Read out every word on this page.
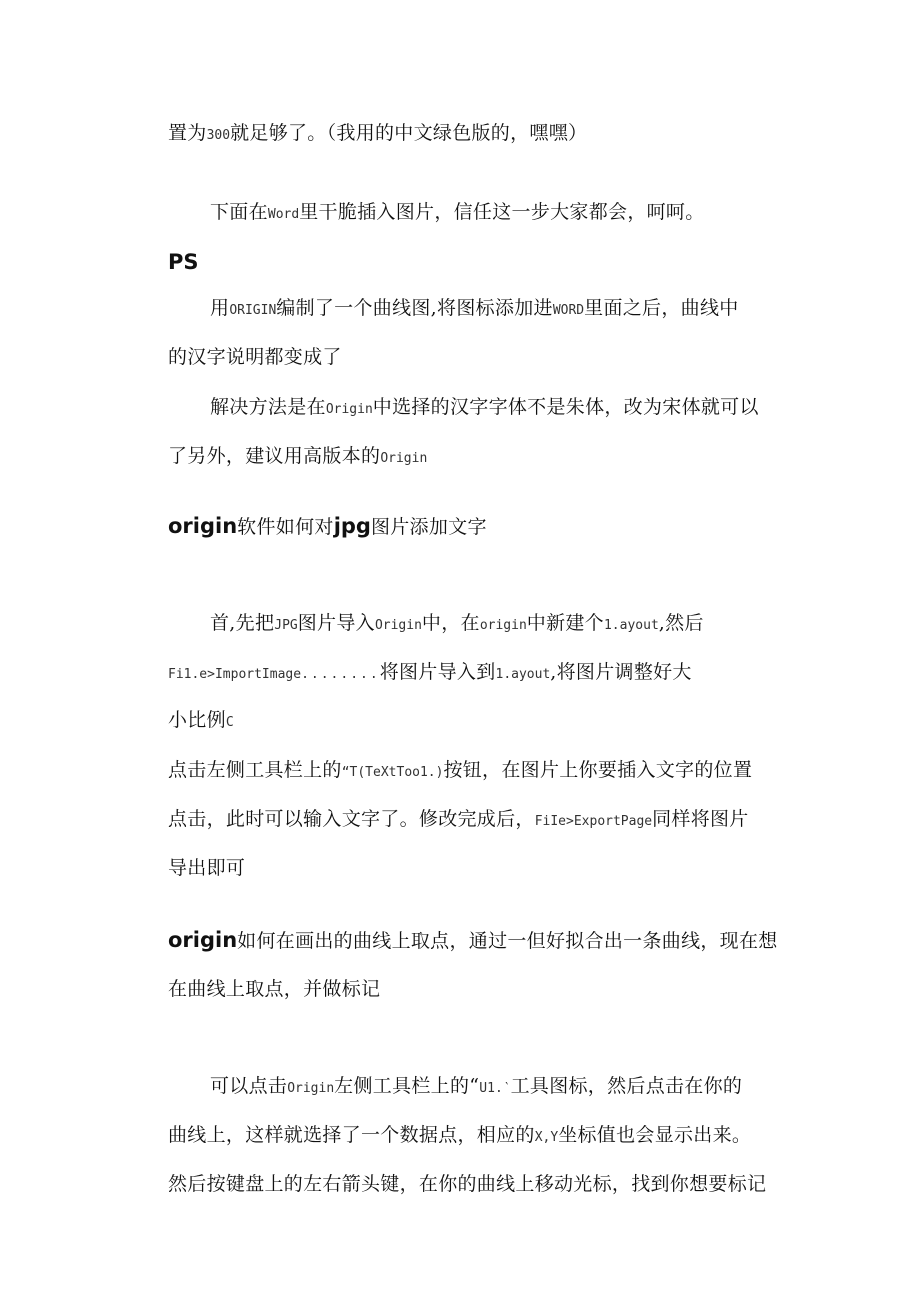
置为300就足够了。（我用的中文绿色版的，嘿嘿）
下面在Word里干脆插入图片，信任这一步大家都会，呵呵。
PS
用ORIGIN编制了一个曲线图,将图标添加进WORD里面之后，曲线中
的汉字说明都变成了
解决方法是在Origin中选择的汉字字体不是朱体，改为宋体就可以
了另外，建议用高版本的Origin
origin软件如何对jpg图片添加文字
首,先把JPG图片导入Origin中，在origin中新建个1.ayout,然后
Fi1.e>ImportImage........将图片导入到1.ayout,将图片调整好大
小比例C
点击左侧工具栏上的“T(TeXtToo1.)按钮，在图片上你要插入文字的位置
点击，此时可以输入文字了。修改完成后，FiIe>ExportPage同样将图片
导出即可
origin如何在画出的曲线上取点，通过一但好拟合出一条曲线，现在想
在曲线上取点，并做标记
可以点击Origin左侧工具栏上的“U1.‵工具图标，然后点击在你的
曲线上，这样就选择了一个数据点，相应的X,Y坐标值也会显示出来。
然后按键盘上的左右箭头键，在你的曲线上移动光标，找到你想要标记
